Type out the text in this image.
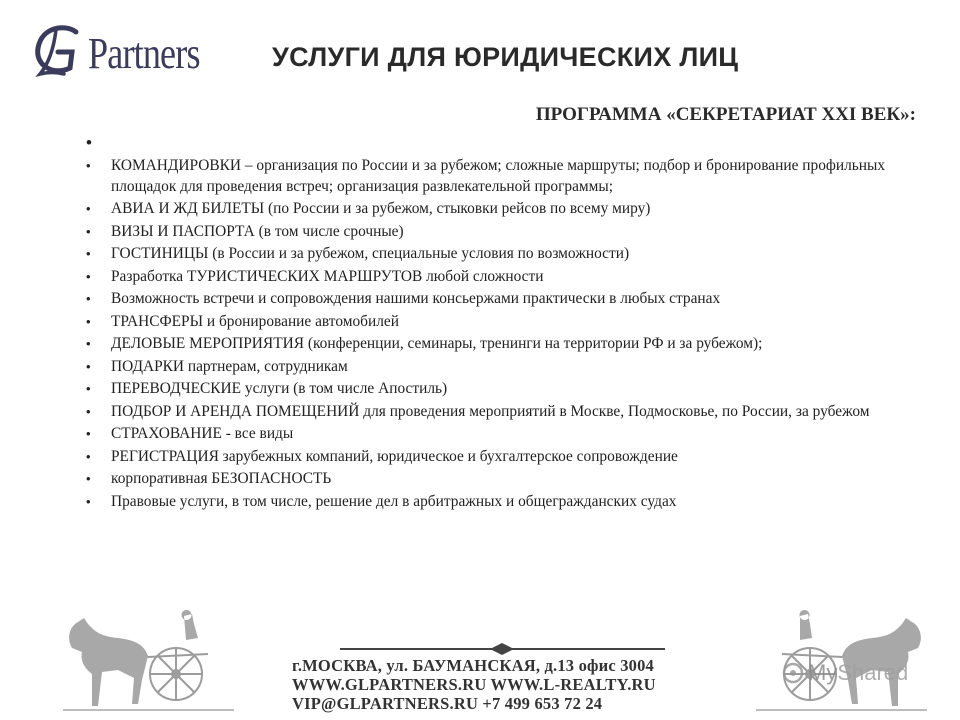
Partners	УСЛУГИ ДЛЯ ЮРИДИЧЕСКИХ ЛИЦ
ПРОГРАММА «СЕКРЕТАРИАТ XXI ВЕК»:
•
• КОМАНДИРОВКИ – организация по России и за рубежом; сложные маршруты; подбор и бронирование профильных площадок для проведения встреч; организация развлекательной программы;
• АВИА И ЖД БИЛЕТЫ (по России и за рубежом, стыковки рейсов по всему миру)
• ВИЗЫ И ПАСПОРТА (в том числе срочные)
• ГОСТИНИЦЫ (в России и за рубежом, специальные условия по возможности)
• Разработка ТУРИСТИЧЕСКИХ МАРШРУТОВ любой сложности
• Возможность встречи и сопровождения нашими консьержами практически в любых странах
• ТРАНСФЕРЫ и бронирование автомобилей
• ДЕЛОВЫЕ МЕРОПРИЯТИЯ (конференции, семинары, тренинги на территории РФ и за рубежом);
• ПОДАРКИ партнерам, сотрудникам
• ПЕРЕВОДЧЕСКИЕ услуги (в том числе Апостиль)
• ПОДБОР И АРЕНДА ПОМЕЩЕНИЙ для проведения мероприятий в Москве, Подмосковье, по России, за рубежом
• СТРАХОВАНИЕ - все виды
• РЕГИСТРАЦИЯ зарубежных компаний, юридическое и бухгалтерское сопровождение
• корпоративная БЕЗОПАСНОСТЬ
• Правовые услуги, в том числе, решение дел в арбитражных и общегражданских судах
г.МОСКВА, ул. БАУМАНСКАЯ, д.13 офис 3004
WWW.GLPARTNERS.RU WWW.L-REALTY.RU
VIP@GLPARTNERS.RU +7 499 653 72 24
My Shared
